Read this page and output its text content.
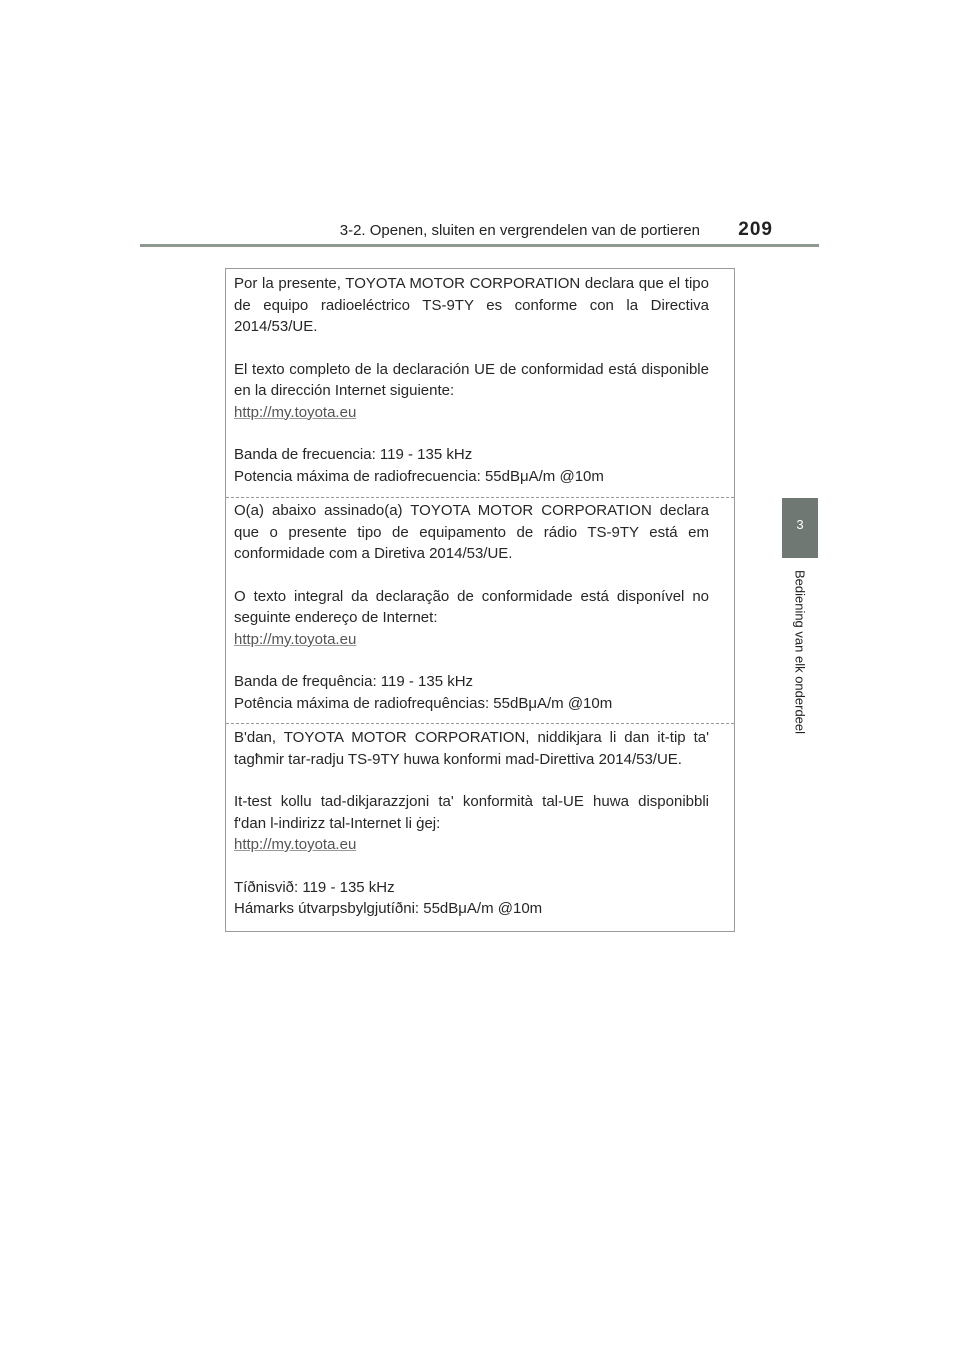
3-2. Openen, sluiten en vergrendelen van de portieren	209
3
Bediening van elk onderdeel

Por la presente, TOYOTA MOTOR CORPORATION declara que el tipo de equipo radioeléctrico TS-9TY es conforme con la Directiva 2014/53/UE.

El texto completo de la declaración UE de conformidad está disponible en la dirección Internet siguiente:

http://my.toyota.eu

Banda de frecuencia: 119 - 135 kHz

Potencia máxima de radiofrecuencia: 55dBμA/m @10m

O(a) abaixo assinado(a) TOYOTA MOTOR CORPORATION declara que o presente tipo de equipamento de rádio TS-9TY está em conformidade com a Diretiva 2014/53/UE.

O texto integral da declaração de conformidade está disponível no seguinte endereço de Internet:

http://my.toyota.eu

Banda de frequência: 119 - 135 kHz

Potência máxima de radiofrequências: 55dBμA/m @10m

B'dan, TOYOTA MOTOR CORPORATION, niddikjara li dan it-tip ta' tagħmir tar-radju TS-9TY huwa konformi mad-Direttiva 2014/53/UE.

It-test kollu tad-dikjarazzjoni ta' konformità tal-UE huwa disponibbli f'dan l-indirizz tal-Internet li ġej:

http://my.toyota.eu

Tíðnisvið: 119 - 135 kHz

Hámarks útvarpsbylgjutíðni: 55dBμA/m @10m
